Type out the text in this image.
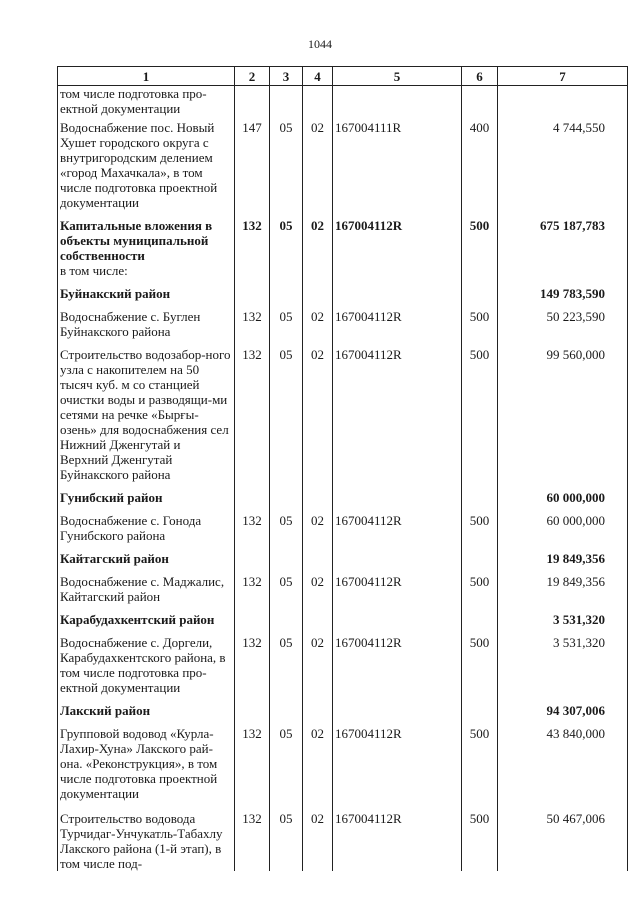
1044
1	2	3	4	5	6	7
том числе подготовка про-ектной документации						
Водоснабжение пос. Новый Хушет городского округа с внутригородским делением «город Махачкала», в том числе подготовка проектной документации	147	05	02	167004111R	400	4 744,550
Капитальные вложения в объекты муниципальной собственности	132	05	02	167004112R	500	675 187,783
в том числе:						
Буйнакский район						149 783,590
Водоснабжение с. Буглен Буйнакского района	132	05	02	167004112R	500	50 223,590
Строительство водозабор-ного узла с накопителем на 50 тысяч куб. м со станцией очистки воды и разводящи-ми сетями на речке «Бырғы-озень» для водоснабжения сел Нижний Дженгутай и Верхний Дженгутай Буйнакского района	132	05	02	167004112R	500	99 560,000
Гунибский район						60 000,000
Водоснабжение с. Гонода Гунибского района	132	05	02	167004112R	500	60 000,000
Кайтагский район						19 849,356
Водоснабжение с. Маджалис, Кайтагский район	132	05	02	167004112R	500	19 849,356
Карабудахкентский район						3 531,320
Водоснабжение с. Доргели, Карабудахкентского района, в том числе подготовка про-ектной документации	132	05	02	167004112R	500	3 531,320
Лакский район						94 307,006
Групповой водовод «Курла-Лахир-Хуна» Лакского рай-она. «Реконструкция», в том числе подготовка проектной документации	132	05	02	167004112R	500	43 840,000
Строительство водовода Турчидаг-Унчукатль-Табахлу Лакского района (1-й этап), в том числе под-	132	05	02	167004112R	500	50 467,006
